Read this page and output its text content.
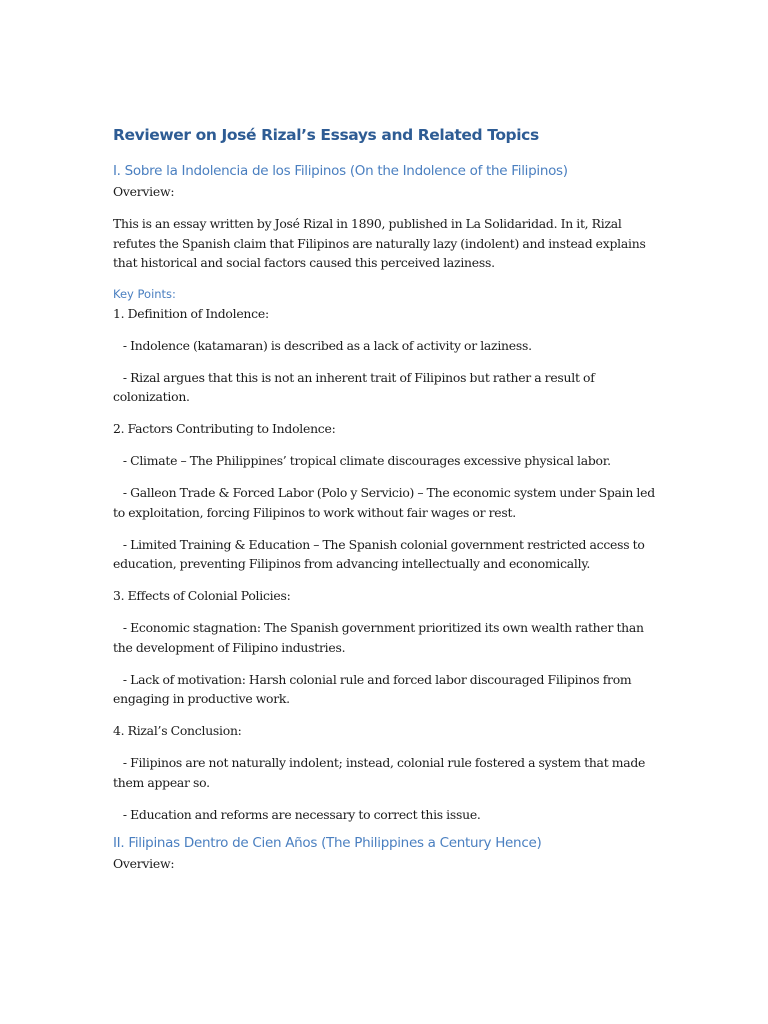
Reviewer on José Rizal’s Essays and Related Topics
I. Sobre la Indolencia de los Filipinos (On the Indolence of the Filipinos)
Overview:
This is an essay written by José Rizal in 1890, published in La Solidaridad. In it, Rizal refutes the Spanish claim that Filipinos are naturally lazy (indolent) and instead explains that historical and social factors caused this perceived laziness.
Key Points:
1. Definition of Indolence:
- Indolence (katamaran) is described as a lack of activity or laziness.
- Rizal argues that this is not an inherent trait of Filipinos but rather a result of colonization.
2. Factors Contributing to Indolence:
- Climate – The Philippines’ tropical climate discourages excessive physical labor.
- Galleon Trade & Forced Labor (Polo y Servicio) – The economic system under Spain led to exploitation, forcing Filipinos to work without fair wages or rest.
- Limited Training & Education – The Spanish colonial government restricted access to education, preventing Filipinos from advancing intellectually and economically.
3. Effects of Colonial Policies:
- Economic stagnation: The Spanish government prioritized its own wealth rather than the development of Filipino industries.
- Lack of motivation: Harsh colonial rule and forced labor discouraged Filipinos from engaging in productive work.
4. Rizal’s Conclusion:
- Filipinos are not naturally indolent; instead, colonial rule fostered a system that made them appear so.
- Education and reforms are necessary to correct this issue.
II. Filipinas Dentro de Cien Años (The Philippines a Century Hence)
Overview:
